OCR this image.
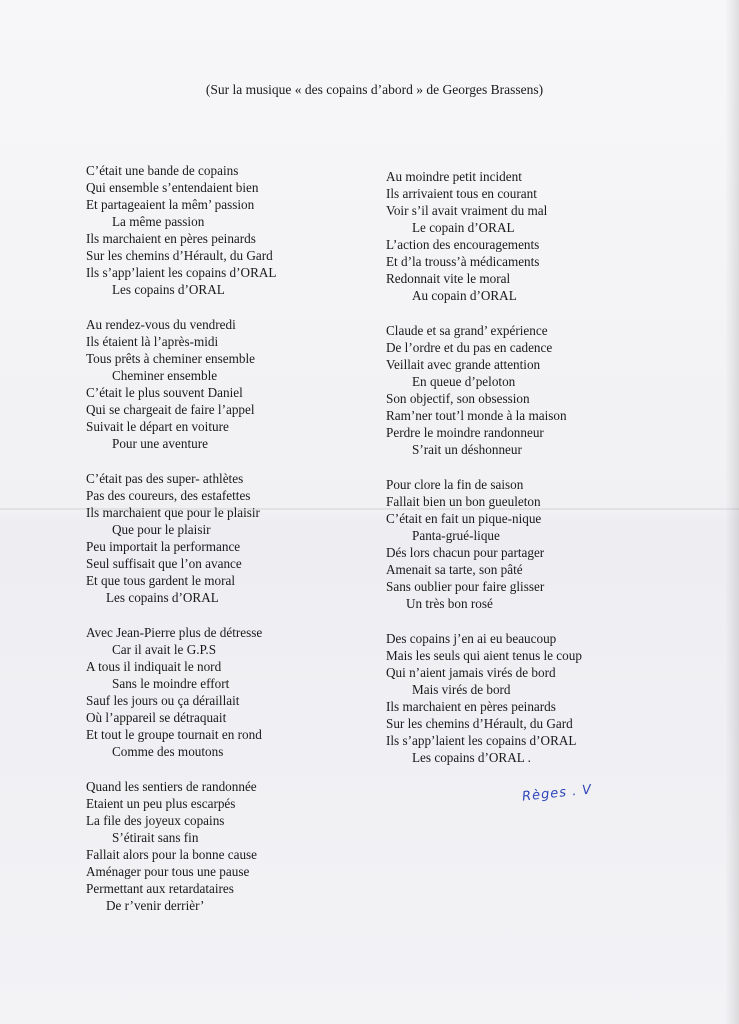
(Sur la musique « des copains d’abord » de Georges Brassens)
C’était une bande de copains
Qui ensemble s’entendaient bien
Et partageaient la mêm’ passion
La même passion
Ils marchaient en pères peinards
Sur les chemins d’Hérault, du Gard
Ils s’app’laient les copains d’ORAL
Les copains d’ORAL
Au rendez-vous du vendredi
Ils étaient là l’après-midi
Tous prêts à cheminer ensemble
Cheminer ensemble
C’était le plus souvent Daniel
Qui se chargeait de faire l’appel
Suivait le départ en voiture
Pour une aventure
C’était pas des super- athlètes
Pas des coureurs, des estafettes
Ils marchaient que pour le plaisir
Que pour le plaisir
Peu importait la performance
Seul suffisait que l’on avance
Et que tous gardent le moral
Les copains d’ORAL
Avec Jean-Pierre plus de détresse
Car il avait le G.P.S
A tous il indiquait le nord
Sans le moindre effort
Sauf les jours ou ça déraillait
Où l’appareil se détraquait
Et tout le groupe tournait en rond
Comme des moutons
Quand les sentiers de randonnée
Etaient un peu plus escarpés
La file des joyeux copains
S’étirait sans fin
Fallait alors pour la bonne cause
Aménager pour tous une pause
Permettant aux retardataires
De r’venir derrièr’
Au moindre petit incident
Ils arrivaient tous en courant
Voir s’il avait vraiment du mal
Le copain d’ORAL
L’action des encouragements
Et d’la trouss’à médicaments
Redonnait vite le moral
Au copain d’ORAL
Claude et sa grand’ expérience
De l’ordre et du pas en cadence
Veillait avec grande attention
En queue d’peloton
Son objectif, son obsession
Ram’ner tout’l monde à la maison
Perdre le moindre randonneur
S’rait un déshonneur
Pour clore la fin de saison
Fallait bien un bon gueuleton
C’était en fait un pique-nique
Panta-grué-lique
Dés lors chacun pour partager
Amenait sa tarte, son pâté
Sans oublier pour faire glisser
Un très bon rosé
Des copains j’en ai eu beaucoup
Mais les seuls qui aient tenus le coup
Qui n’aient jamais virés de bord
Mais virés de bord
Ils marchaient en pères peinards
Sur les chemins d’Hérault, du Gard
Ils s’app’laient les copains d’ORAL
Les copains d’ORAL .
Règes . V
